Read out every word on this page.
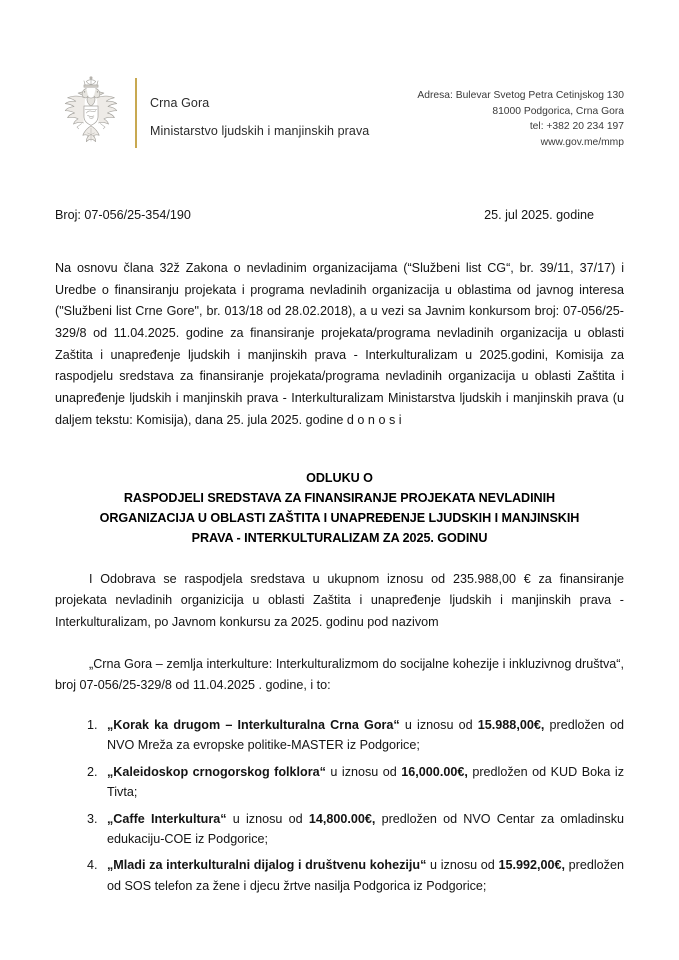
Crna Gora
Ministarstvo ljudskih i manjinskih prava
Adresa: Bulevar Svetog Petra Cetinjskog 130
81000 Podgorica, Crna Gora
tel: +382 20 234 197
www.gov.me/mmp
Broj: 07-056/25-354/190	25. jul 2025. godine

Na osnovu člana 32ž Zakona o nevladinim organizacijama (“Službeni list CG“, br. 39/11, 37/17) i Uredbe o finansiranju projekata i programa nevladinih organizacija u oblastima od javnog interesa ("Službeni list Crne Gore", br. 013/18 od 28.02.2018), a u vezi sa Javnim konkursom broj: 07-056/25-329/8 od 11.04.2025. godine za finansiranje projekata/programa nevladinih organizacija u oblasti Zaštita i unapređenje ljudskih i manjinskih prava - Interkulturalizam u 2025.godini, Komisija za raspodjelu sredstava za finansiranje projekata/programa nevladinih organizacija u oblasti Zaštita i unapređenje ljudskih i manjinskih prava - Interkulturalizam Ministarstva ljudskih i manjinskih prava (u daljem tekstu: Komisija), dana 25. jula 2025. godine d o n o s i

ODLUKU O
RASPODJELI SREDSTAVA ZA FINANSIRANJE PROJEKATA NEVLADINIH
ORGANIZACIJA U OBLASTI ZAŠTITA I UNAPREĐENJE LJUDSKIH I MANJINSKIH
PRAVA - INTERKULTURALIZAM ZA 2025. GODINU

I Odobrava se raspodjela sredstava u ukupnom iznosu od 235.988,00 € za finansiranje projekata nevladinih organizicija u oblasti Zaštita i unapređenje ljudskih i manjinskih prava - Interkulturalizam, po Javnom konkursu za 2025. godinu pod nazivom

„Crna Gora – zemlja interkulture: Interkulturalizmom do socijalne kohezije i inkluzivnog društva“, broj 07-056/25-329/8 od 11.04.2025 . godine, i to:

1. „Korak ka drugom – Interkulturalna Crna Gora“ u iznosu od 15.988,00€, predložen od NVO Mreža za evropske politike-MASTER iz Podgorice;
2. „Kaleidoskop crnogorskog folklora“ u iznosu od 16,000.00€, predložen od KUD Boka iz Tivta;
3. „Caffe Interkultura“ u iznosu od 14,800.00€, predložen od NVO Centar za omladinsku edukaciju-COE iz Podgorice;
4. „Mladi za interkulturalni dijalog i društvenu koheziju“ u iznosu od 15.992,00€, predložen od SOS telefon za žene i djecu žrtve nasilja Podgorica iz Podgorice;
